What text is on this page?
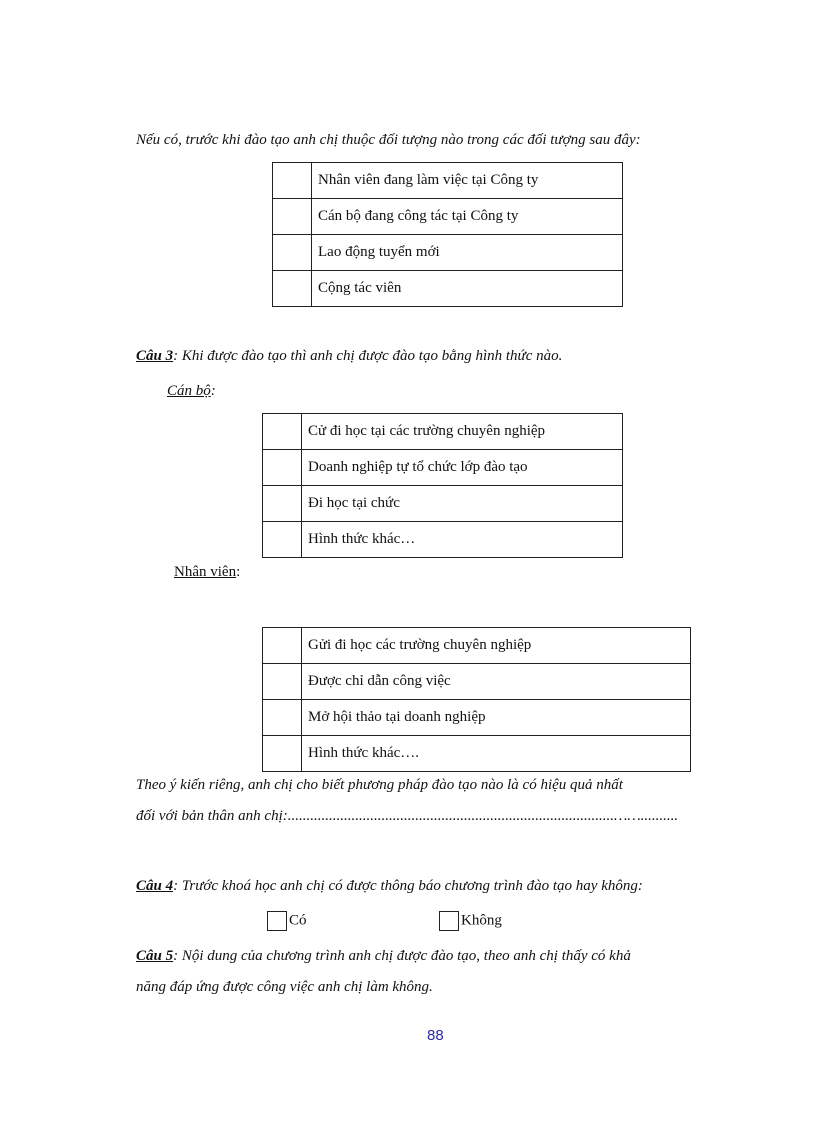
Nếu có, trước khi đào tạo anh chị thuộc đối tượng nào trong các đối tượng sau đây:
	Nhân viên đang làm việc tại Công ty
	Cán bộ đang công tác tại Công ty
	Lao động tuyển mới
	Cộng tác viên
Câu 3: Khi được đào tạo thì anh chị được đào tạo bằng hình thức nào.
Cán bộ:
	Cử đi học tại các trường chuyên nghiệp
	Doanh nghiệp tự tổ chức lớp đào tạo
	Đi học tại chức
	Hình thức khác…
Nhân viên:
	Gửi đi học các trường chuyên nghiệp
	Được chỉ dẫn công việc
	Mở hội thảo tại doanh nghiệp
	Hình thức khác….
Theo ý kiến riêng, anh chị cho biết phương pháp đào tạo nào là có hiệu quả nhất
đối với bản thân anh chị:.......................................................................................……..........
Câu 4: Trước khoá học anh chị có được thông báo chương trình đào tạo hay không:
Có	Không
Câu 5: Nội dung của chương trình anh chị được đào tạo, theo anh chị thấy có khả
năng đáp ứng được công việc anh chị làm không.
88
